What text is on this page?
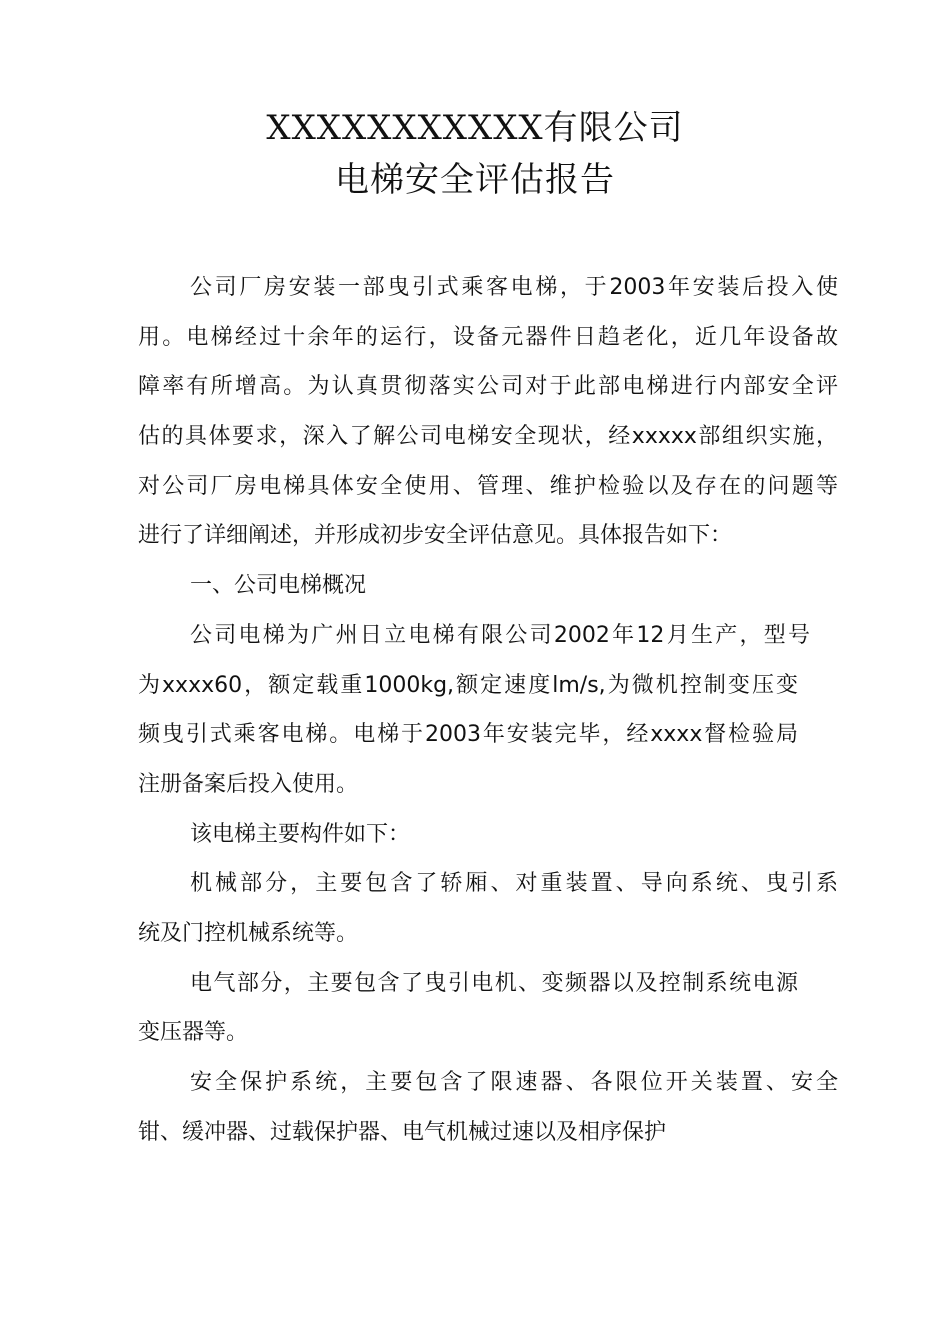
XXXXXXXXXXX有限公司
电梯安全评估报告
公司厂房安装一部曳引式乘客电梯，于2003年安装后投入使
用。电梯经过十余年的运行，设备元器件日趋老化，近几年设备故
障率有所增高。为认真贯彻落实公司对于此部电梯进行内部安全评
估的具体要求，深入了解公司电梯安全现状，经xxxxx部组织实施，
对公司厂房电梯具体安全使用、管理、维护检验以及存在的问题等
进行了详细阐述，并形成初步安全评估意见。具体报告如下：
一、公司电梯概况
公司电梯为广州日立电梯有限公司2002年12月生产，型号
为xxxx60，额定载重1000kg,额定速度lm/s,为微机控制变压变
频曳引式乘客电梯。电梯于2003年安装完毕，经xxxx督检验局
注册备案后投入使用。
该电梯主要构件如下：
机械部分，主要包含了轿厢、对重装置、导向系统、曳引系
统及门控机械系统等。
电气部分，主要包含了曳引电机、变频器以及控制系统电源
变压器等。
安全保护系统，主要包含了限速器、各限位开关装置、安全
钳、缓冲器、过载保护器、电气机械过速以及相序保护
